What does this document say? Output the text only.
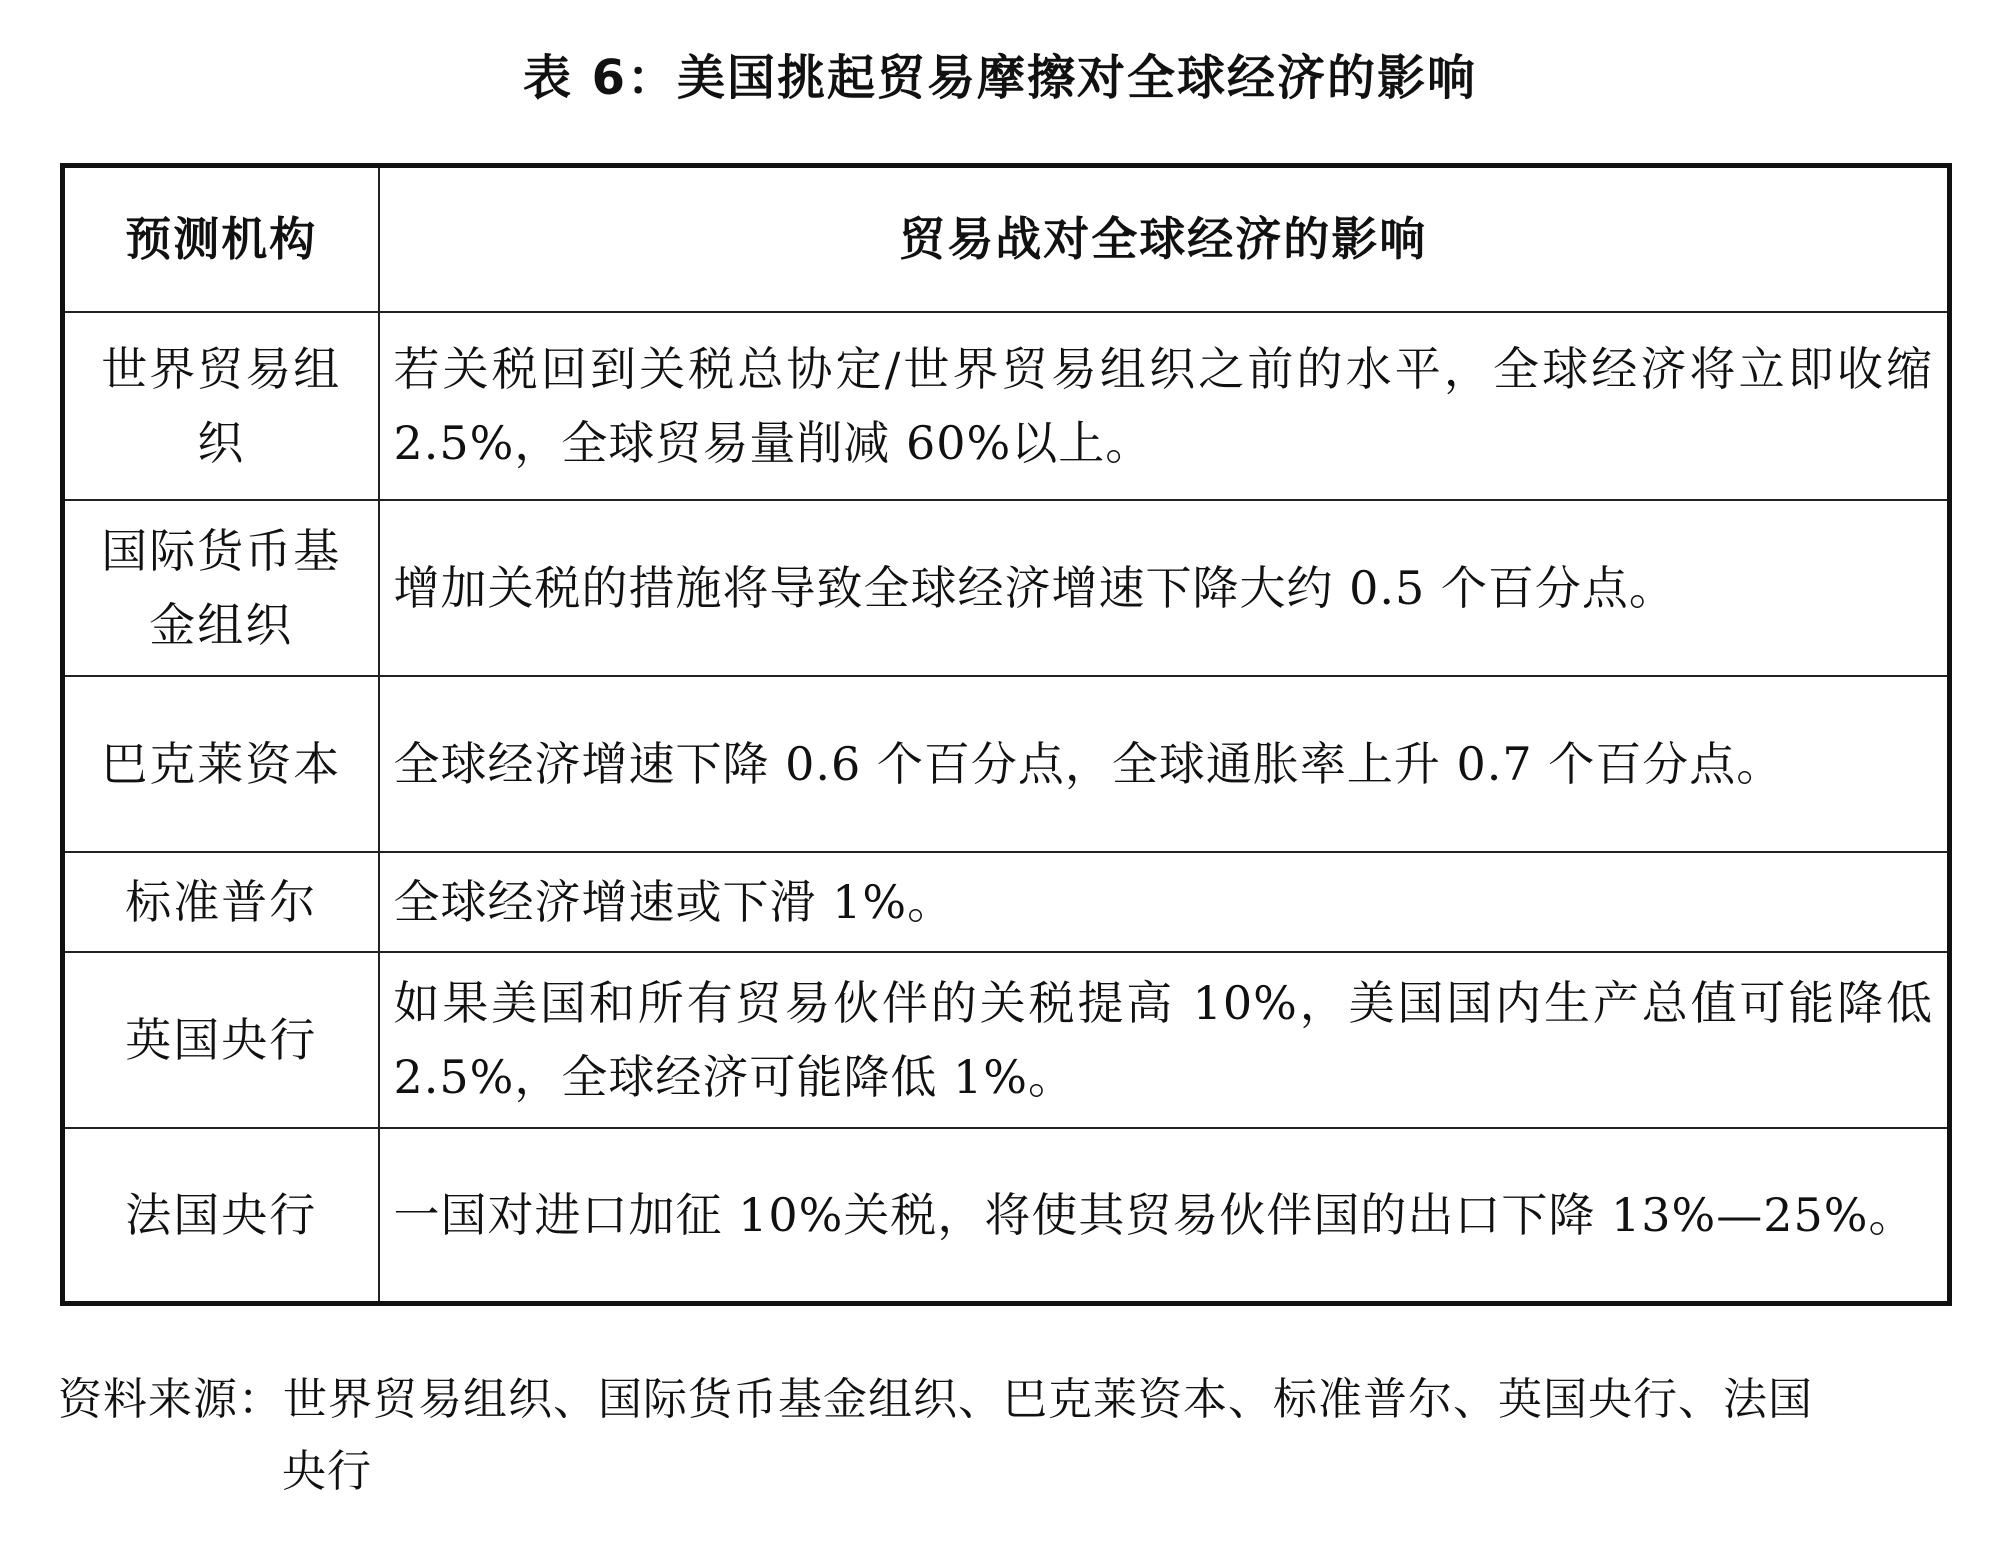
表 6：美国挑起贸易摩擦对全球经济的影响
预测机构	贸易战对全球经济的影响
世界贸易组织	若关税回到关税总协定/世界贸易组织之前的水平，全球经济将立即收缩 2.5%，全球贸易量削减 60%以上。
国际货币基金组织	增加关税的措施将导致全球经济增速下降大约 0.5 个百分点。
巴克莱资本	全球经济增速下降 0.6 个百分点，全球通胀率上升 0.7 个百分点。
标准普尔	全球经济增速或下滑 1%。
英国央行	如果美国和所有贸易伙伴的关税提高 10%，美国国内生产总值可能降低 2.5%，全球经济可能降低 1%。
法国央行	一国对进口加征 10%关税，将使其贸易伙伴国的出口下降 13%—25%。
资料来源：世界贸易组织、国际货币基金组织、巴克莱资本、标准普尔、英国央行、法国
央行
